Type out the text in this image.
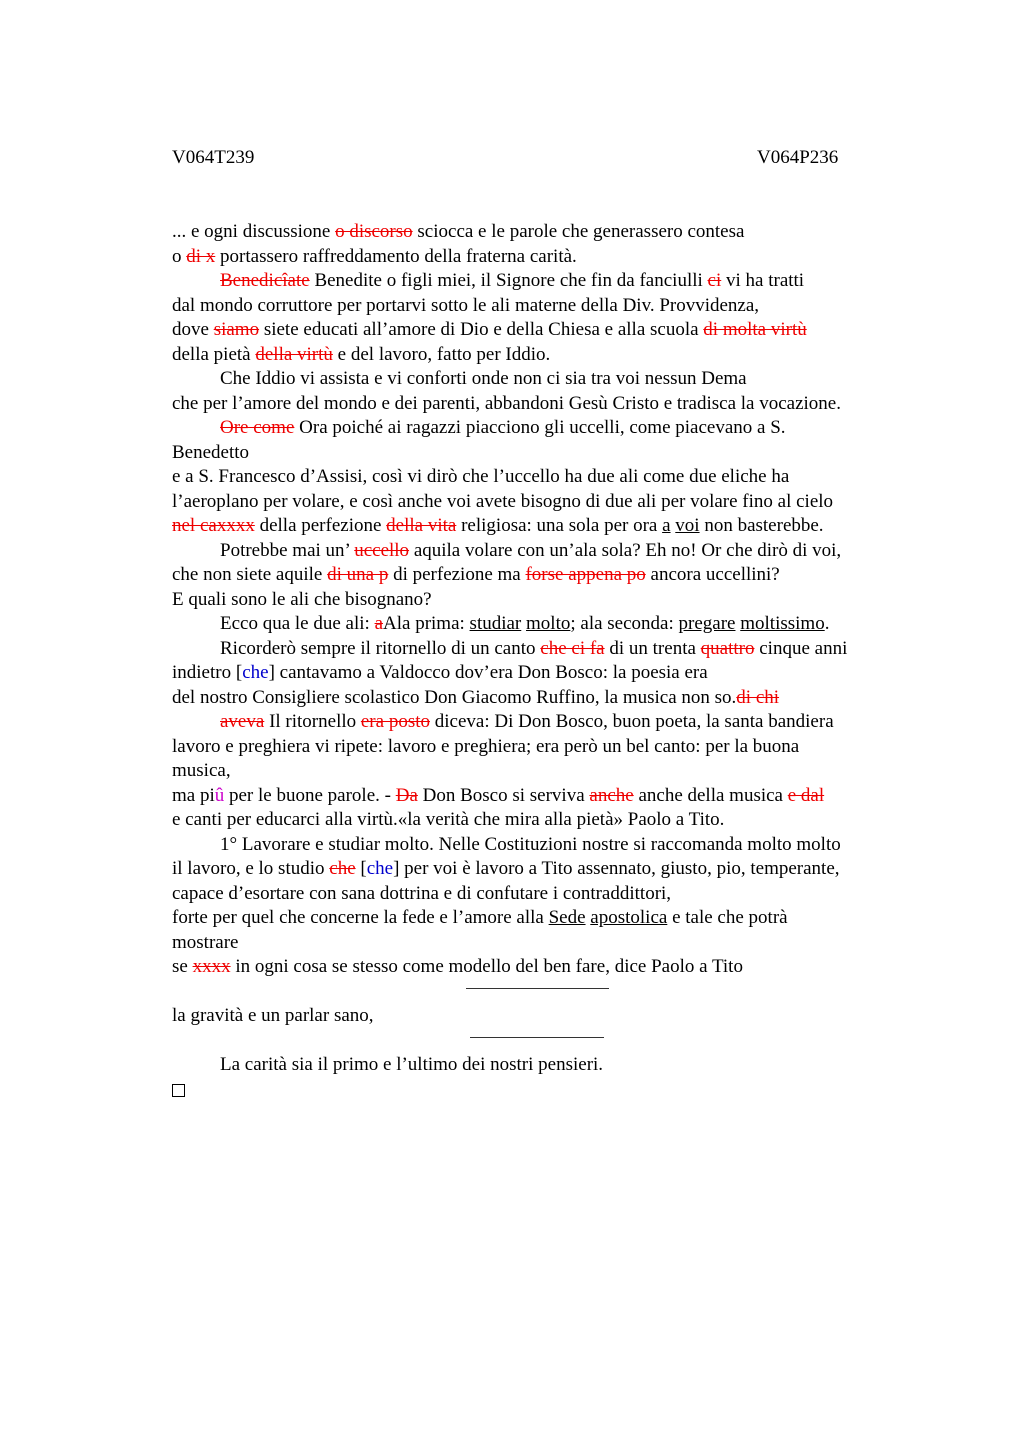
V064T239	V064P236
... e ogni discussione o discorso sciocca e le parole che generassero contesa
o di x portassero raffreddamento della fraterna carità.
Benedicîate Benedite o figli miei, il Signore che fin da fanciulli ci vi ha tratti
dal mondo corruttore per portarvi sotto le ali materne della Div. Provvidenza,
dove siamo siete educati all’amore di Dio e della Chiesa e alla scuola di molta virtù
della pietà della virtù e del lavoro, fatto per Iddio.
Che Iddio vi assista e vi conforti onde non ci sia tra voi nessun Dema
che per l’amore del mondo e dei parenti, abbandoni Gesù Cristo e tradisca la vocazione.
Ore come Ora poiché ai ragazzi piacciono gli uccelli, come piacevano a S.
Benedetto
e a S. Francesco d’Assisi, così vi dirò che l’uccello ha due ali come due eliche ha
l’aeroplano per volare, e così anche voi avete bisogno di due ali per volare fino al cielo
nel caxxxx della perfezione della vita religiosa: una sola per ora a voi non basterebbe.
Potrebbe mai un’ uccello aquila volare con un’ala sola? Eh no! Or che dirò di voi,
che non siete aquile di una p di perfezione ma forse appena po ancora uccellini?
E quali sono le ali che bisognano?
Ecco qua le due ali: aAla prima: studiar molto; ala seconda: pregare moltissimo.
Ricorderò sempre il ritornello di un canto che ci fa di un trenta quattro cinque anni
indietro [che] cantavamo a Valdocco dov’era Don Bosco: la poesia era
del nostro Consigliere scolastico Don Giacomo Ruffino, la musica non so.di chi
aveva Il ritornello era posto diceva: Di Don Bosco, buon poeta, la santa bandiera
lavoro e preghiera vi ripete: lavoro e preghiera; era però un bel canto: per la buona
musica,
ma piû per le buone parole. - Da Don Bosco si serviva anche anche della musica e dal
e canti per educarci alla virtù.«la verità che mira alla pietà» Paolo a Tito.
1° Lavorare e studiar molto. Nelle Costituzioni nostre si raccomanda molto molto
il lavoro, e lo studio che [che] per voi è lavoro a Tito assennato, giusto, pio, temperante,
capace d’esortare con sana dottrina e di confutare i contraddittori,
forte per quel che concerne la fede e l’amore alla Sede apostolica e tale che potrà
mostrare
se xxxx in ogni cosa se stesso come modello del ben fare, dice Paolo a Tito
la gravità e un parlar sano,
La carità sia il primo e l’ultimo dei nostri pensieri.
